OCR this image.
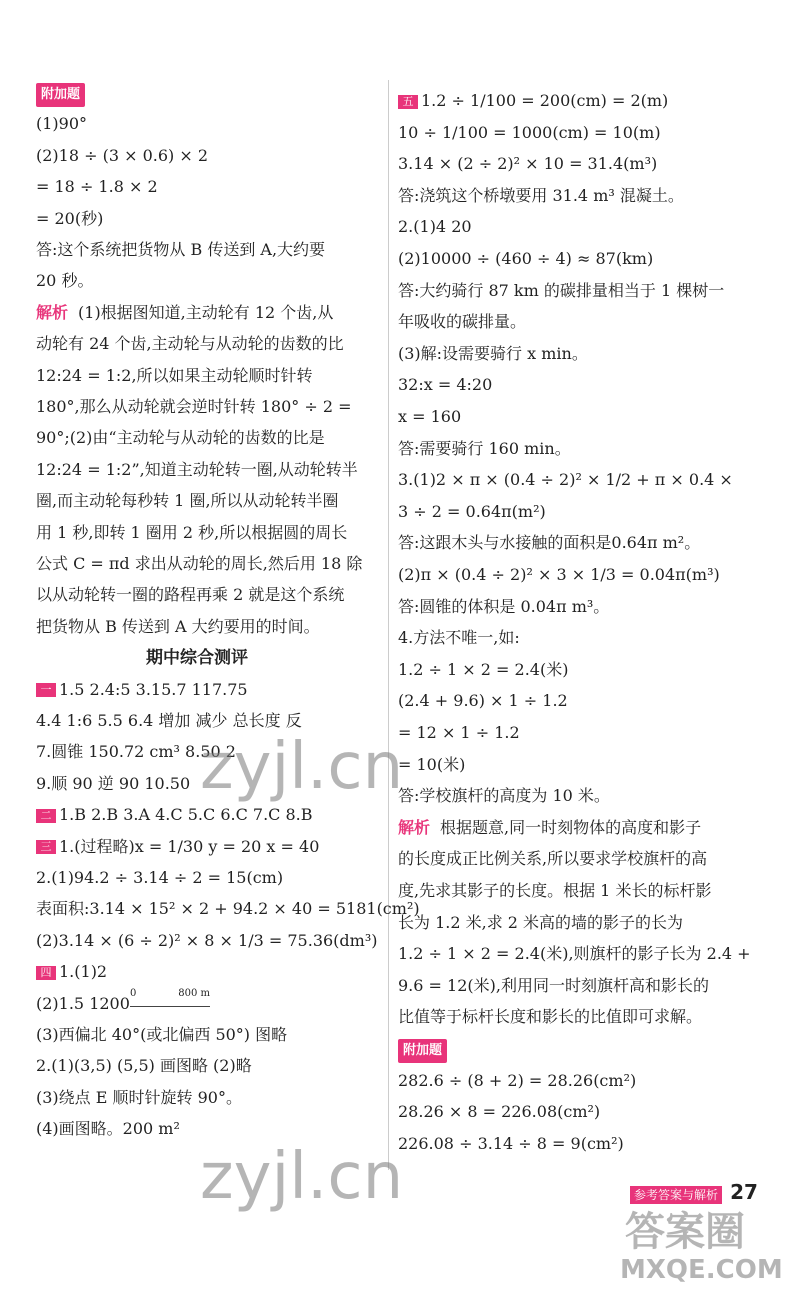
附加题
(1)90°
(2)18 ÷ (3 × 0.6) × 2
= 18 ÷ 1.8 × 2
= 20(秒)
答:这个系统把货物从 B 传送到 A,大约要
20 秒。
解析 (1)根据图知道,主动轮有 12 个齿,从
动轮有 24 个齿,主动轮与从动轮的齿数的比
12:24 = 1:2,所以如果主动轮顺时针转
180°,那么从动轮就会逆时针转 180° ÷ 2 =
90°;(2)由“主动轮与从动轮的齿数的比是
12:24 = 1:2”,知道主动轮转一圈,从动轮转半
圈,而主动轮每秒转 1 圈,所以从动轮转半圈
用 1 秒,即转 1 圈用 2 秒,所以根据圆的周长
公式 C = πd 求出从动轮的周长,然后用 18 除
以从动轮转一圈的路程再乘 2 就是这个系统
把货物从 B 传送到 A 大约要用的时间。
期中综合测评
一 1.5 2.4:5 3.15.7 117.75
4.4 1:6 5.5 6.4 增加 减少 总长度 反
7.圆锥 150.72 cm³ 8.50 2
9.顺 90 逆 90 10.50
二 1.B 2.B 3.A 4.C 5.C 6.C 7.C 8.B
三 1.(过程略)x = 1/30 y = 20 x = 40
2.(1)94.2 ÷ 3.14 ÷ 2 = 15(cm)
表面积:3.14 × 15² × 2 + 94.2 × 40 = 5181(cm²)
(2)3.14 × (6 ÷ 2)² × 8 × 1/3 = 75.36(dm³)
四 1.(1)2
(2)1.5 1200
(3)西偏北 40°(或北偏西 50°) 图略
2.(1)(3,5) (5,5) 画图略 (2)略
(3)绕点 E 顺时针旋转 90°。
(4)画图略。200 m²
五 1.2 ÷ 1/100 = 200(cm) = 2(m)
10 ÷ 1/100 = 1000(cm) = 10(m)
3.14 × (2 ÷ 2)² × 10 = 31.4(m³)
答:浇筑这个桥墩要用 31.4 m³ 混凝土。
2.(1)4 20
(2)10000 ÷ (460 ÷ 4) ≈ 87(km)
答:大约骑行 87 km 的碳排量相当于 1 棵树一
年吸收的碳排量。
(3)解:设需要骑行 x min。
32:x = 4:20
x = 160
答:需要骑行 160 min。
3.(1)2 × π × (0.4 ÷ 2)² × 1/2 + π × 0.4 ×
3 ÷ 2 = 0.64π(m²)
答:这跟木头与水接触的面积是0.64π m²。
(2)π × (0.4 ÷ 2)² × 3 × 1/3 = 0.04π(m³)
答:圆锥的体积是 0.04π m³。
4.方法不唯一,如:
1.2 ÷ 1 × 2 = 2.4(米)
(2.4 + 9.6) × 1 ÷ 1.2
= 12 × 1 ÷ 1.2
= 10(米)
答:学校旗杆的高度为 10 米。
解析 根据题意,同一时刻物体的高度和影子
的长度成正比例关系,所以要求学校旗杆的高
度,先求其影子的长度。根据 1 米长的标杆影
长为 1.2 米,求 2 米高的墙的影子的长为
1.2 ÷ 1 × 2 = 2.4(米),则旗杆的影子长为 2.4 +
9.6 = 12(米),利用同一时刻旗杆高和影长的
比值等于标杆长度和影长的比值即可求解。
附加题
282.6 ÷ (8 + 2) = 28.26(cm²)
28.26 × 8 = 226.08(cm²)
226.08 ÷ 3.14 ÷ 8 = 9(cm²)
0	800 m
参考答案与解析 27
zyjl.cn
zyjl.cn
答案圈
MXQE.COM
